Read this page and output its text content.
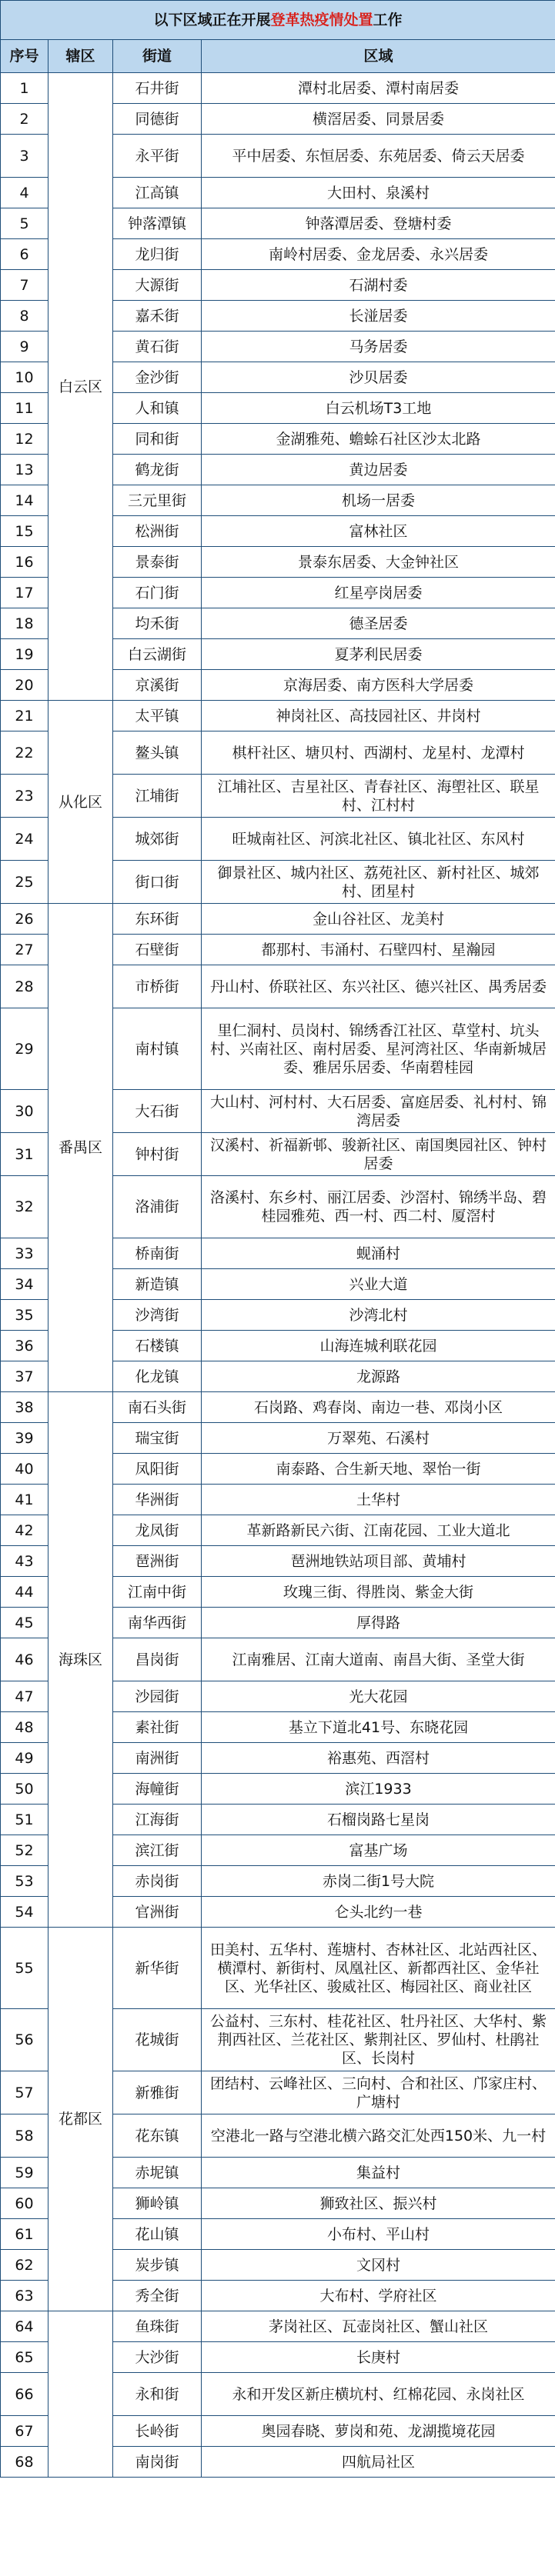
以下区域正在开展登革热疫情处置工作			
序号	辖区	街道	区域
1	白云区	石井街	潭村北居委、潭村南居委
2		同德街	横滘居委、同景居委
3		永平街	平中居委、东恒居委、东苑居委、倚云天居委
4		江高镇	大田村、泉溪村
5		钟落潭镇	钟落潭居委、登塘村委
6		龙归街	南岭村居委、金龙居委、永兴居委
7		大源街	石湖村委
8		嘉禾街	长湴居委
9		黄石街	马务居委
10		金沙街	沙贝居委
11		人和镇	白云机场T3工地
12		同和街	金湖雅苑、蟾蜍石社区沙太北路
13		鹤龙街	黄边居委
14		三元里街	机场一居委
15		松洲街	富林社区
16		景泰街	景泰东居委、大金钟社区
17		石门街	红星亭岗居委
18		均禾街	德圣居委
19		白云湖街	夏茅利民居委
20		京溪街	京海居委、南方医科大学居委
21	从化区	太平镇	神岗社区、高技园社区、井岗村
22		鳌头镇	棋杆社区、塘贝村、西湖村、龙星村、龙潭村
23		江埔街	江埔社区、吉星社区、青春社区、海塱社区、联星村、江村村
24		城郊街	旺城南社区、河滨北社区、镇北社区、东风村
25		街口街	御景社区、城内社区、荔苑社区、新村社区、城郊村、团星村
26	番禺区	东环街	金山谷社区、龙美村
27		石壁街	都那村、韦涌村、石壁四村、星瀚园
28		市桥街	丹山村、侨联社区、东兴社区、德兴社区、禺秀居委
29		南村镇	里仁洞村、员岗村、锦绣香江社区、草堂村、坑头村、兴南社区、南村居委、星河湾社区、华南新城居委、雅居乐居委、华南碧桂园
30		大石街	大山村、河村村、大石居委、富庭居委、礼村村、锦湾居委
31		钟村街	汉溪村、祈福新邨、骏新社区、南国奥园社区、钟村居委
32		洛浦街	洛溪村、东乡村、丽江居委、沙滘村、锦绣半岛、碧桂园雅苑、西一村、西二村、厦滘村
33		桥南街	蚬涌村
34		新造镇	兴业大道
35		沙湾街	沙湾北村
36		石楼镇	山海连城利联花园
37		化龙镇	龙源路
38	海珠区	南石头街	石岗路、鸡春岗、南边一巷、邓岗小区
39		瑞宝街	万翠苑、石溪村
40		凤阳街	南泰路、合生新天地、翠怡一街
41		华洲街	土华村
42		龙凤街	革新路新民六街、江南花园、工业大道北
43		琶洲街	琶洲地铁站项目部、黄埔村
44		江南中街	玫瑰三街、得胜岗、紫金大街
45		南华西街	厚得路
46		昌岗街	江南雅居、江南大道南、南昌大街、圣堂大街
47		沙园街	光大花园
48		素社街	基立下道北41号、东晓花园
49		南洲街	裕惠苑、西滘村
50		海幢街	滨江1933
51		江海街	石榴岗路七星岗
52		滨江街	富基广场
53		赤岗街	赤岗二街1号大院
54		官洲街	仑头北约一巷
55	花都区	新华街	田美村、五华村、莲塘村、杏林社区、北站西社区、横潭村、新街村、凤凰社区、新都西社区、金华社区、光华社区、骏威社区、梅园社区、商业社区
56		花城街	公益村、三东村、桂花社区、牡丹社区、大华村、紫荆西社区、兰花社区、紫荆社区、罗仙村、杜鹃社区、长岗村
57		新雅街	团结村、云峰社区、三向村、合和社区、邝家庄村、广塘村
58		花东镇	空港北一路与空港北横六路交汇处西150米、九一村
59		赤坭镇	集益村
60		狮岭镇	狮致社区、振兴村
61		花山镇	小布村、平山村
62		炭步镇	文冈村
63		秀全街	大布村、学府社区
64		鱼珠街	茅岗社区、瓦壶岗社区、蟹山社区
65		大沙街	长庚村
66		永和街	永和开发区新庄横坑村、红棉花园、永岗社区
67		长岭街	奥园春晓、萝岗和苑、龙湖揽境花园
68		南岗街	四航局社区
